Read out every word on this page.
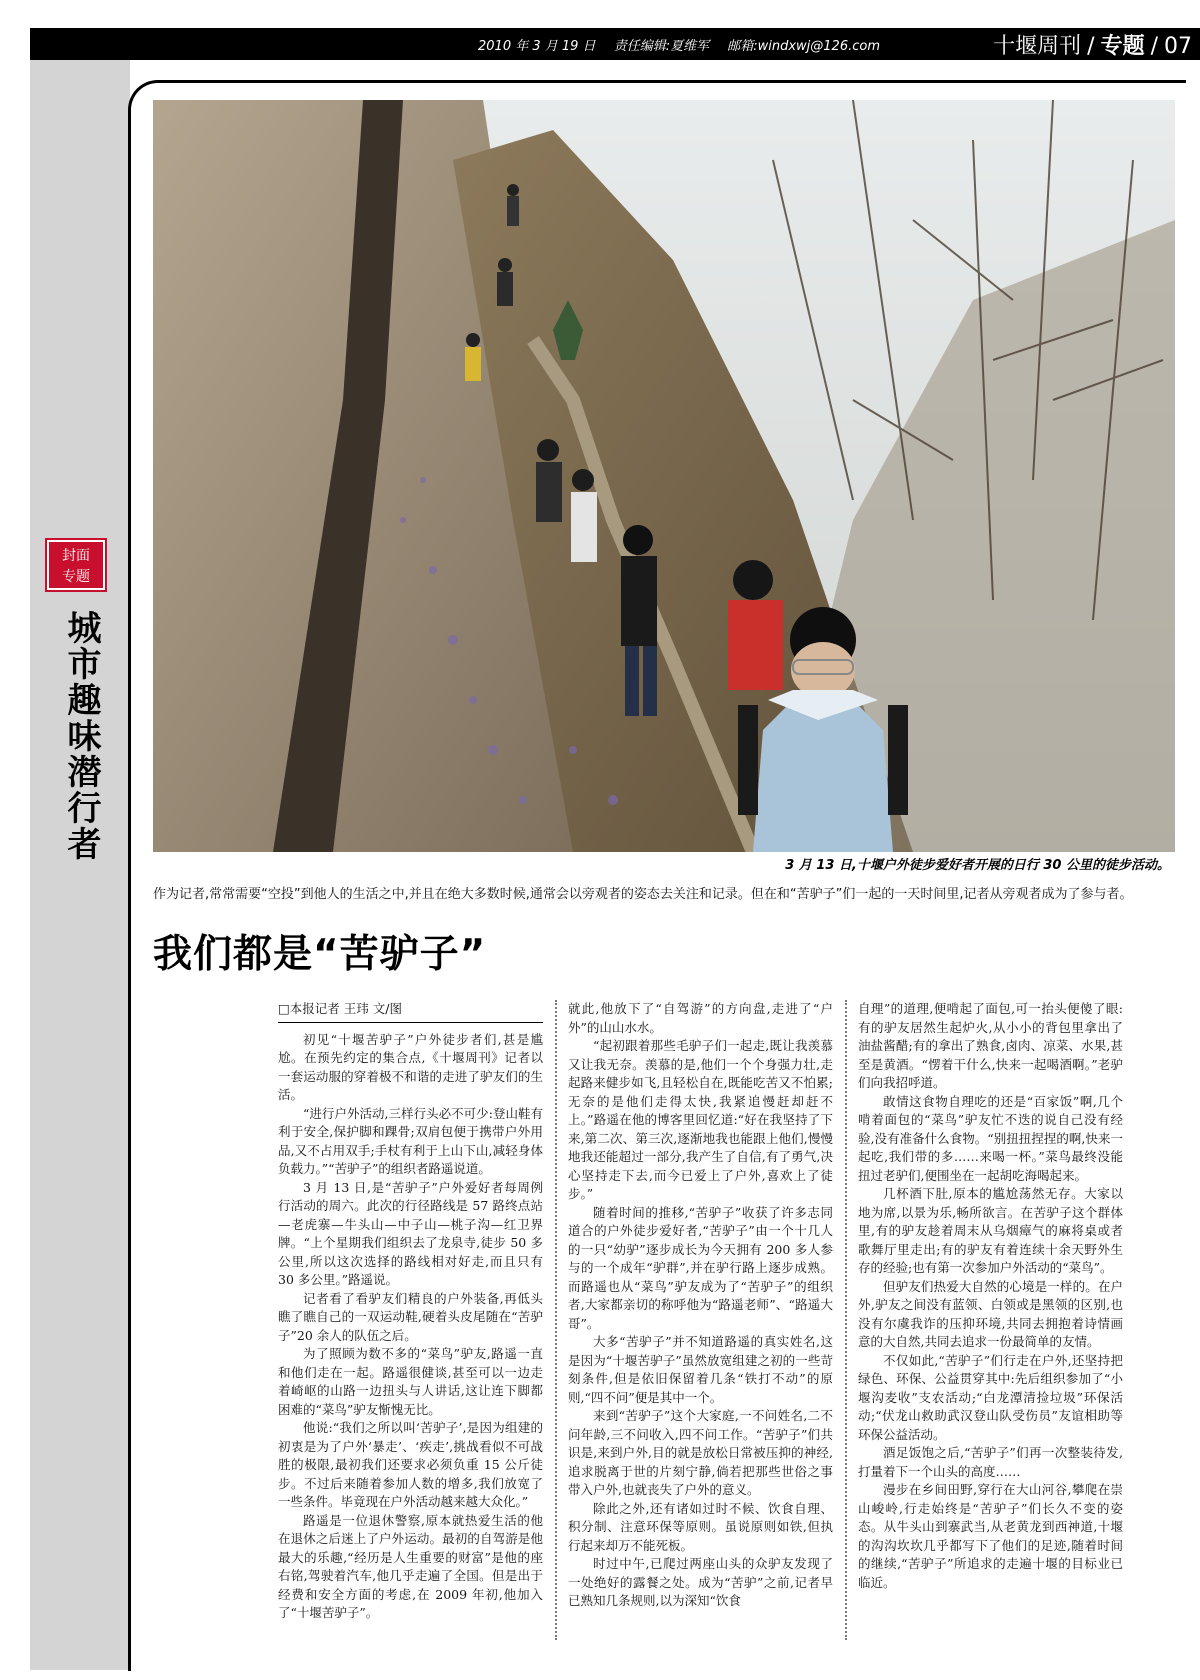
2010 年 3 月 19 日 责任编辑:夏维军 邮箱:windxwj@126.com	十堰周刊 / 专题 / 07
封面
专题
城市趣味潜行者
3 月 13 日,十堰户外徒步爱好者开展的日行 30 公里的徒步活动。
作为记者,常常需要“空投”到他人的生活之中,并且在绝大多数时候,通常会以旁观者的姿态去关注和记录。但在和“苦驴子”们一起的一天时间里,记者从旁观者成为了参与者。
我们都是“苦驴子”
□本报记者 王玮 文/图

初见“十堰苦驴子”户外徒步者们,甚是尴尬。在预先约定的集合点,《十堰周刊》记者以一套运动服的穿着极不和谐的走进了驴友们的生活。

“进行户外活动,三样行头必不可少:登山鞋有利于安全,保护脚和踝骨;双肩包便于携带户外用品,又不占用双手;手杖有利于上山下山,减轻身体负载力。”“苦驴子”的组织者路遥说道。

3 月 13 日,是“苦驴子”户外爱好者每周例行活动的周六。此次的行径路线是 57 路终点站—老虎寨—牛头山—中子山—桃子沟—红卫界牌。“上个星期我们组织去了龙泉寺,徒步 50 多公里,所以这次选择的路线相对好走,而且只有 30 多公里。”路遥说。

记者看了看驴友们精良的户外装备,再低头瞧了瞧自己的一双运动鞋,硬着头皮尾随在“苦驴子”20 余人的队伍之后。

为了照顾为数不多的“菜鸟”驴友,路遥一直和他们走在一起。路遥很健谈,甚至可以一边走着崎岖的山路一边扭头与人讲话,这让连下脚都困难的“菜鸟”驴友惭愧无比。

他说:“我们之所以叫‘苦驴子’,是因为组建的初衷是为了户外‘暴走’、‘疾走’,挑战看似不可战胜的极限,最初我们还要求必须负重 15 公斤徒步。不过后来随着参加人数的增多,我们放宽了一些条件。毕竟现在户外活动越来越大众化。”

路遥是一位退休警察,原本就热爱生活的他在退休之后迷上了户外运动。最初的自驾游是他最大的乐趣,“经历是人生重要的财富”是他的座右铭,驾驶着汽车,他几乎走遍了全国。但是出于经费和安全方面的考虑,在 2009 年初,他加入了“十堰苦驴子”。

就此,他放下了“自驾游”的方向盘,走进了“户外”的山山水水。

“起初跟着那些毛驴子们一起走,既让我羡慕又让我无奈。羡慕的是,他们一个个身强力壮,走起路来健步如飞,且轻松自在,既能吃苦又不怕累;无奈的是他们走得太快,我紧追慢赶却赶不上。”路遥在他的博客里回忆道:“好在我坚持了下来,第二次、第三次,逐渐地我也能跟上他们,慢慢地我还能超过一部分,我产生了自信,有了勇气,决心坚持走下去,而今已爱上了户外,喜欢上了徒步。”

随着时间的推移,“苦驴子”收获了许多志同道合的户外徒步爱好者,“苦驴子”由一个十几人的一只“幼驴”逐步成长为今天拥有 200 多人参与的一个成年“驴群”,并在驴行路上逐步成熟。而路遥也从“菜鸟”驴友成为了“苦驴子”的组织者,大家都亲切的称呼他为“路遥老师”、“路遥大哥”。

大多“苦驴子”并不知道路遥的真实姓名,这是因为“十堰苦驴子”虽然放宽组建之初的一些苛刻条件,但是依旧保留着几条“铁打不动”的原则,“四不问”便是其中一个。

来到“苦驴子”这个大家庭,一不问姓名,二不问年龄,三不问收入,四不问工作。“苦驴子”们共识是,来到户外,目的就是放松日常被压抑的神经,追求脱离于世的片刻宁静,倘若把那些世俗之事带入户外,也就丧失了户外的意义。

除此之外,还有诸如过时不候、饮食自理、积分制、注意环保等原则。虽说原则如铁,但执行起来却万不能死板。

时过中午,已爬过两座山头的众驴友发现了一处绝好的露餐之处。成为“苦驴”之前,记者早已熟知几条规则,以为深知“饮食

自理”的道理,便啃起了面包,可一抬头便傻了眼:有的驴友居然生起炉火,从小小的背包里拿出了油盐酱醋;有的拿出了熟食,卤肉、凉菜、水果,甚至是黄酒。“愣着干什么,快来一起喝酒啊。”老驴们向我招呼道。

敢情这食物自理吃的还是“百家饭”啊,几个啃着面包的“菜鸟”驴友忙不迭的说自己没有经验,没有准备什么食物。“别扭扭捏捏的啊,快来一起吃,我们带的多……来喝一杯。”菜鸟最终没能扭过老驴们,便围坐在一起胡吃海喝起来。

几杯酒下肚,原本的尴尬荡然无存。大家以地为席,以景为乐,畅所欲言。在苦驴子这个群体里,有的驴友趁着周末从乌烟瘴气的麻将桌或者歌舞厅里走出;有的驴友有着连续十余天野外生存的经验;也有第一次参加户外活动的“菜鸟”。

但驴友们热爱大自然的心境是一样的。在户外,驴友之间没有蓝领、白领或是黑领的区别,也没有尔虞我诈的压抑环境,共同去拥抱着诗情画意的大自然,共同去追求一份最简单的友情。

不仅如此,“苦驴子”们行走在户外,还坚持把绿色、环保、公益贯穿其中:先后组织参加了“小堰沟麦收”支农活动;“白龙潭清捡垃圾”环保活动;“伏龙山救助武汉登山队受伤员”友谊相助等环保公益活动。

酒足饭饱之后,“苦驴子”们再一次整装待发,打量着下一个山头的高度……

漫步在乡间田野,穿行在大山河谷,攀爬在崇山峻岭,行走始终是“苦驴子”们长久不变的姿态。从牛头山到寨武当,从老黄龙到西神道,十堰的沟沟坎坎几乎都写下了他们的足迹,随着时间的继续,“苦驴子”所追求的走遍十堰的目标业已临近。
